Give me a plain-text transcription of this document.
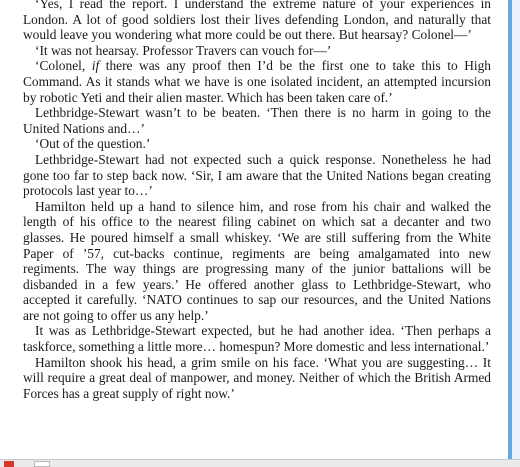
‘Yes, I read the report. I understand the extreme nature of your experiences in London. A lot of good soldiers lost their lives defending London, and naturally that would leave you wondering what more could be out there. But hearsay? Colonel—’

‘It was not hearsay. Professor Travers can vouch for—’

‘Colonel, if there was any proof then I’d be the first one to take this to High Command. As it stands what we have is one isolated incident, an attempted incursion by robotic Yeti and their alien master. Which has been taken care of.’

Lethbridge-Stewart wasn’t to be beaten. ‘Then there is no harm in going to the United Nations and…’

‘Out of the question.’

Lethbridge-Stewart had not expected such a quick response. Nonetheless he had gone too far to step back now. ‘Sir, I am aware that the United Nations began creating protocols last year to…’

Hamilton held up a hand to silence him, and rose from his chair and walked the length of his office to the nearest filing cabinet on which sat a decanter and two glasses. He poured himself a small whiskey. ‘We are still suffering from the White Paper of ’57, cut-backs continue, regiments are being amalgamated into new regiments. The way things are progressing many of the junior battalions will be disbanded in a few years.’ He offered another glass to Lethbridge-Stewart, who accepted it carefully. ‘NATO continues to sap our resources, and the United Nations are not going to offer us any help.’

It was as Lethbridge-Stewart expected, but he had another idea. ‘Then perhaps a taskforce, something a little more… homespun? More domestic and less international.’

Hamilton shook his head, a grim smile on his face. ‘What you are suggesting… It will require a great deal of manpower, and money. Neither of which the British Armed Forces has a great supply of right now.’
